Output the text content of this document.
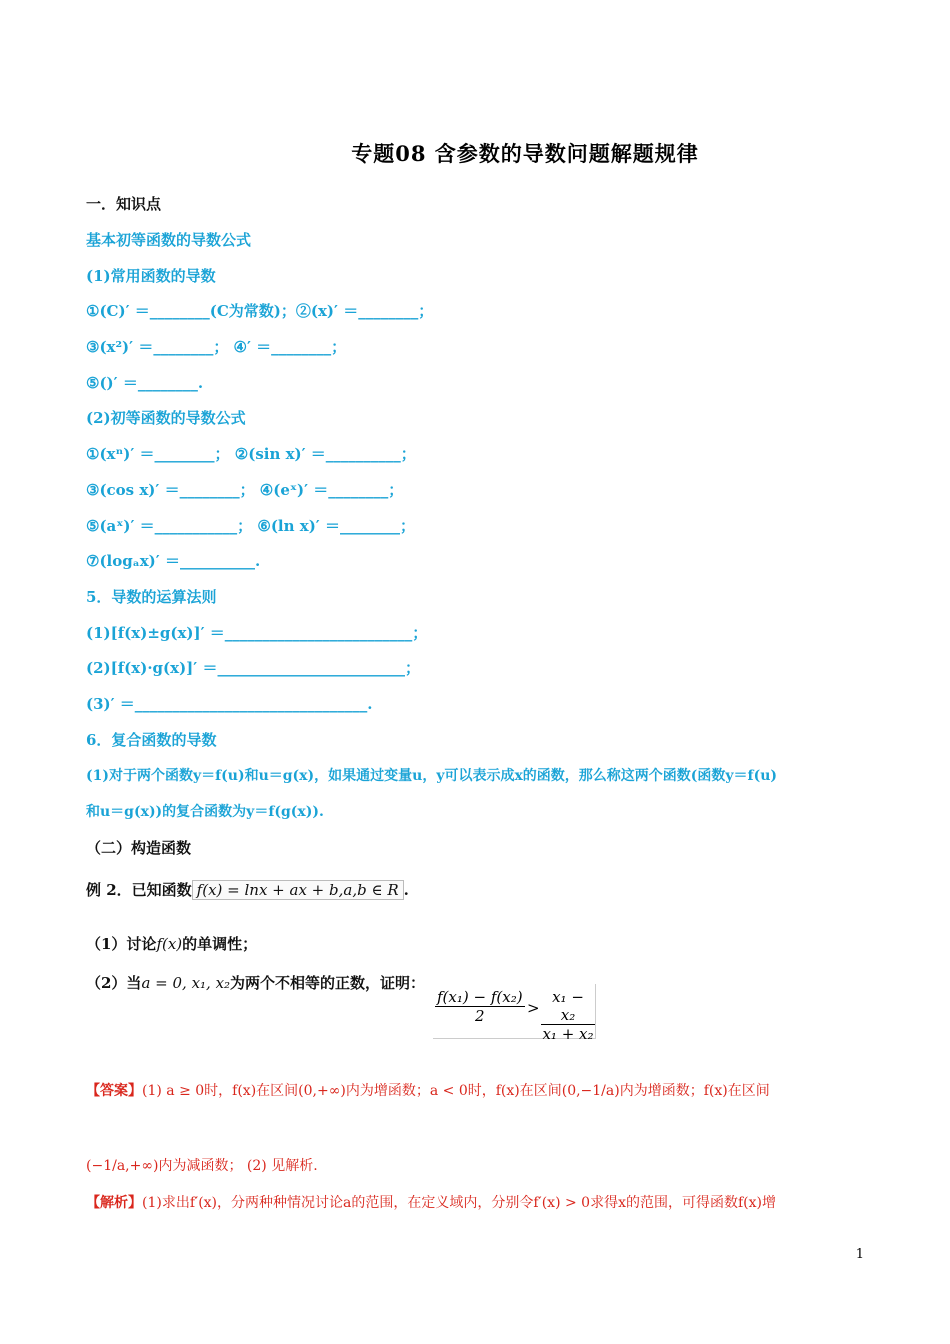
专题08 含参数的导数问题解题规律
一．知识点
基本初等函数的导数公式
(1)常用函数的导数
①(C)′ ＝________(C为常数)；②(x)′ ＝________；
③(x²)′ ＝________； ④′ ＝________；
⑤()′ ＝________.
(2)初等函数的导数公式
①(xⁿ)′ ＝________； ②(sin x)′ ＝__________；
③(cos x)′ ＝________； ④(eˣ)′ ＝________；
⑤(aˣ)′ ＝___________； ⑥(ln x)′ ＝________；
⑦(logₐx)′ ＝__________.
5．导数的运算法则
(1)[f(x)±g(x)]′ ＝_________________________；
(2)[f(x)·g(x)]′ ＝_________________________；
(3)′ ＝_______________________________.
6．复合函数的导数
(1)对于两个函数y＝f(u)和u＝g(x)，如果通过变量u，y可以表示成x的函数，那么称这两个函数(函数y＝f(u)
和u＝g(x))的复合函数为y＝f(g(x)).
（二）构造函数
例 2．已知函数 f(x) = lnx + ax + b,a,b ∈ R .
（1）讨论f(x)的单调性；
（2）当a = 0, x₁, x₂为两个不相等的正数，证明：
$\frac{\text{f(x₁) − f(x₂)}}{2} > \frac{\text{x₁ − x₂}}{\text{x₁ + x₂}}$
【答案】(1) a ≥ 0时，f(x)在区间(0,+∞)内为增函数；a < 0时，f(x)在区间(0,−1/a)内为增函数；f(x)在区间
(−1/a,+∞)内为减函数； (2) 见解析.
【解析】(1)求出f′(x)，分两种种情况讨论a的范围，在定义域内，分别令f′(x) > 0求得x的范围，可得函数f(x)增
1
